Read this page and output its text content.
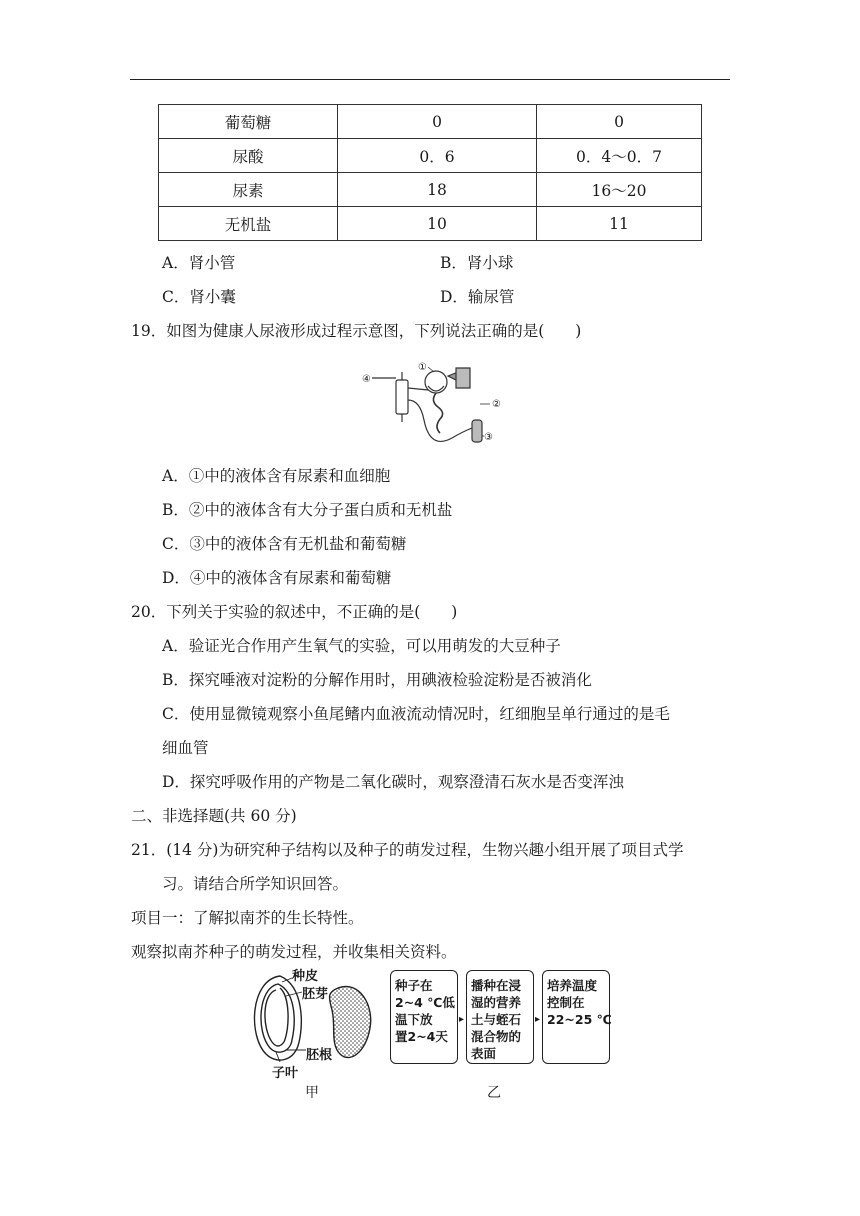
葡萄糖	0	0
尿酸	0．6	0．4～0．7
尿素	18	16～20
无机盐	10	11
A．肾小管	B．肾小球
C．肾小囊	D．输尿管
19．如图为健康人尿液形成过程示意图，下列说法正确的是(　　)
①
②
③
④
A．①中的液体含有尿素和血细胞
B．②中的液体含有大分子蛋白质和无机盐
C．③中的液体含有无机盐和葡萄糖
D．④中的液体含有尿素和葡萄糖
20．下列关于实验的叙述中，不正确的是(　　)
A．验证光合作用产生氧气的实验，可以用萌发的大豆种子
B．探究唾液对淀粉的分解作用时，用碘液检验淀粉是否被消化
C．使用显微镜观察小鱼尾鳍内血液流动情况时，红细胞呈单行通过的是毛
细血管
D．探究呼吸作用的产物是二氧化碳时，观察澄清石灰水是否变浑浊
二、非选择题(共 60 分)
21．(14 分)为研究种子结构以及种子的萌发过程，生物兴趣小组开展了项目式学
习。请结合所学知识回答。
项目一：了解拟南芥的生长特性。
观察拟南芥种子的萌发过程，并收集相关资料。
种皮
胚芽
胚根
子叶
甲
种子在
2~4 ℃低
温下放
置2~4天
▸
播种在浸
湿的营养
土与蛭石
混合物的
表面
▸
培养温度
控制在
22~25 ℃
乙
